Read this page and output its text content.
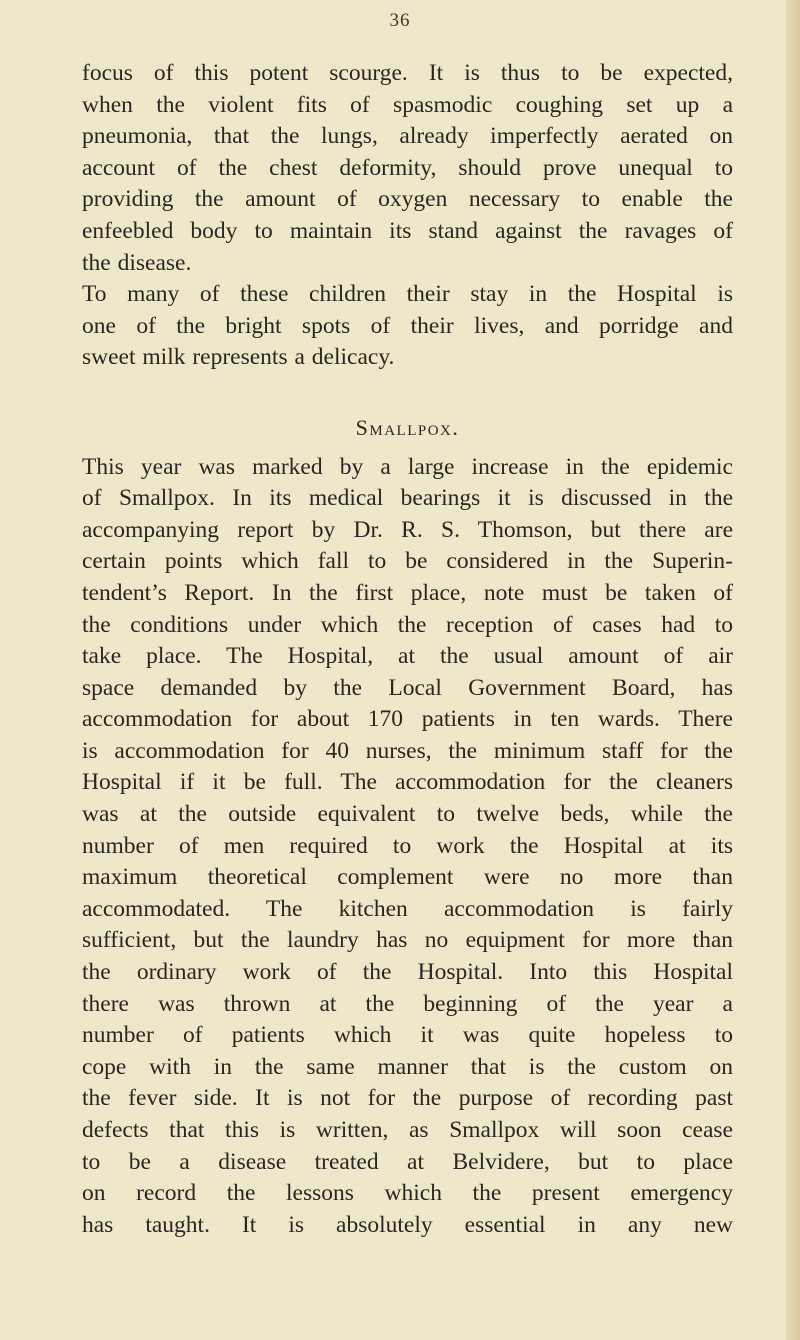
36
focus of this potent scourge. It is thus to be expected,
when the violent fits of spasmodic coughing set up a
pneumonia, that the lungs, already imperfectly aerated on
account of the chest deformity, should prove unequal to
providing the amount of oxygen necessary to enable the
enfeebled body to maintain its stand against the ravages of
the disease.
To many of these children their stay in the Hospital is
one of the bright spots of their lives, and porridge and
sweet milk represents a delicacy.
Smallpox.
This year was marked by a large increase in the epidemic
of Smallpox. In its medical bearings it is discussed in the
accompanying report by Dr. R. S. Thomson, but there are
certain points which fall to be considered in the Superin-
tendent’s Report. In the first place, note must be taken of
the conditions under which the reception of cases had to
take place. The Hospital, at the usual amount of air
space demanded by the Local Government Board, has
accommodation for about 170 patients in ten wards. There
is accommodation for 40 nurses, the minimum staff for the
Hospital if it be full. The accommodation for the cleaners
was at the outside equivalent to twelve beds, while the
number of men required to work the Hospital at its
maximum theoretical complement were no more than
accommodated. The kitchen accommodation is fairly
sufficient, but the laundry has no equipment for more than
the ordinary work of the Hospital. Into this Hospital
there was thrown at the beginning of the year a
number of patients which it was quite hopeless to
cope with in the same manner that is the custom on
the fever side. It is not for the purpose of recording past
defects that this is written, as Smallpox will soon cease
to be a disease treated at Belvidere, but to place
on record the lessons which the present emergency
has taught. It is absolutely essential in any new
